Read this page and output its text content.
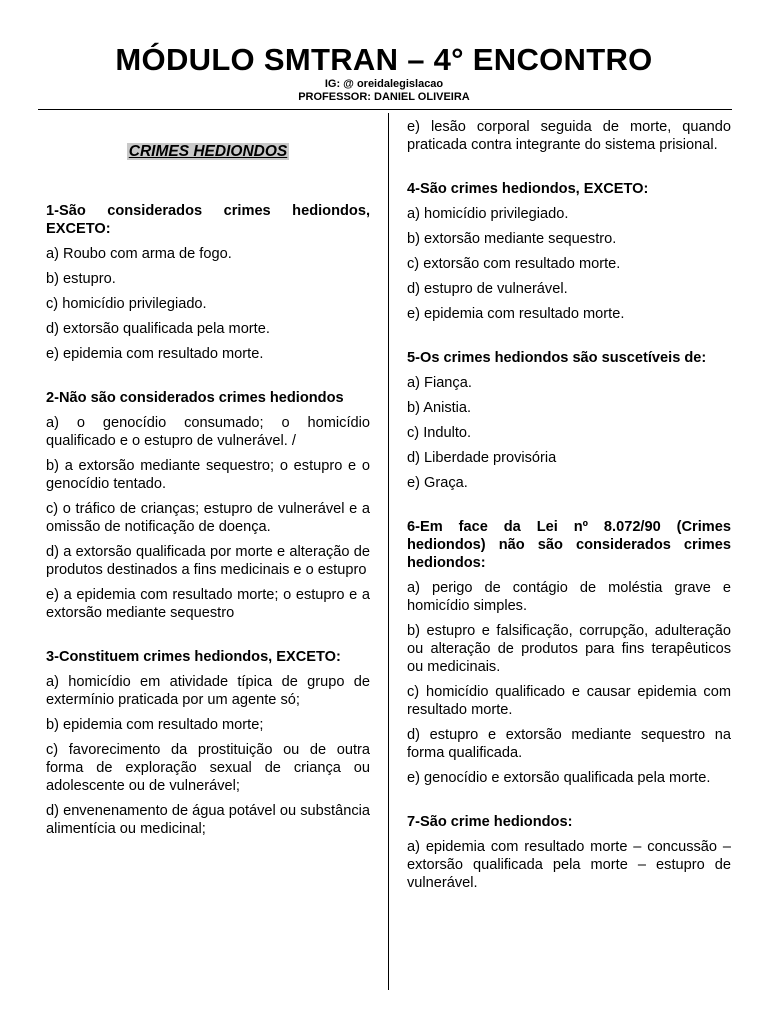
MÓDULO SMTRAN – 4° ENCONTRO
IG: @ oreidalegislacao
PROFESSOR: DANIEL OLIVEIRA
CRIMES HEDIONDOS
1-São considerados crimes hediondos, EXCETO:
a) Roubo com arma de fogo.
b) estupro.
c) homicídio privilegiado.
d) extorsão qualificada pela morte.
e) epidemia com resultado morte.
2-Não são considerados crimes hediondos
a) o genocídio consumado; o homicídio qualificado e o estupro de vulnerável. /
b) a extorsão mediante sequestro; o estupro e o genocídio tentado.
c) o tráfico de crianças; estupro de vulnerável e a omissão de notificação de doença.
d) a extorsão qualificada por morte e alteração de produtos destinados a fins medicinais e o estupro
e) a epidemia com resultado morte; o estupro e a extorsão mediante sequestro
3-Constituem crimes hediondos, EXCETO:
a) homicídio em atividade típica de grupo de extermínio praticada por um agente só;
b) epidemia com resultado morte;
c) favorecimento da prostituição ou de outra forma de exploração sexual de criança ou adolescente ou de vulnerável;
d) envenenamento de água potável ou substância alimentícia ou medicinal;
e) lesão corporal seguida de morte, quando praticada contra integrante do sistema prisional.
4-São crimes hediondos, EXCETO:
a) homicídio privilegiado.
b) extorsão mediante sequestro.
c) extorsão com resultado morte.
d) estupro de vulnerável.
e) epidemia com resultado morte.
5-Os crimes hediondos são suscetíveis de:
a) Fiança.
b) Anistia.
c) Indulto.
d) Liberdade provisória
e) Graça.
6-Em face da Lei nº 8.072/90 (Crimes hediondos) não são considerados crimes hediondos:
a) perigo de contágio de moléstia grave e homicídio simples.
b) estupro e falsificação, corrupção, adulteração ou alteração de produtos para fins terapêuticos ou medicinais.
c) homicídio qualificado e causar epidemia com resultado morte.
d) estupro e extorsão mediante sequestro na forma qualificada.
e) genocídio e extorsão qualificada pela morte.
7-São crime hediondos:
a) epidemia com resultado morte – concussão – extorsão qualificada pela morte – estupro de vulnerável.
